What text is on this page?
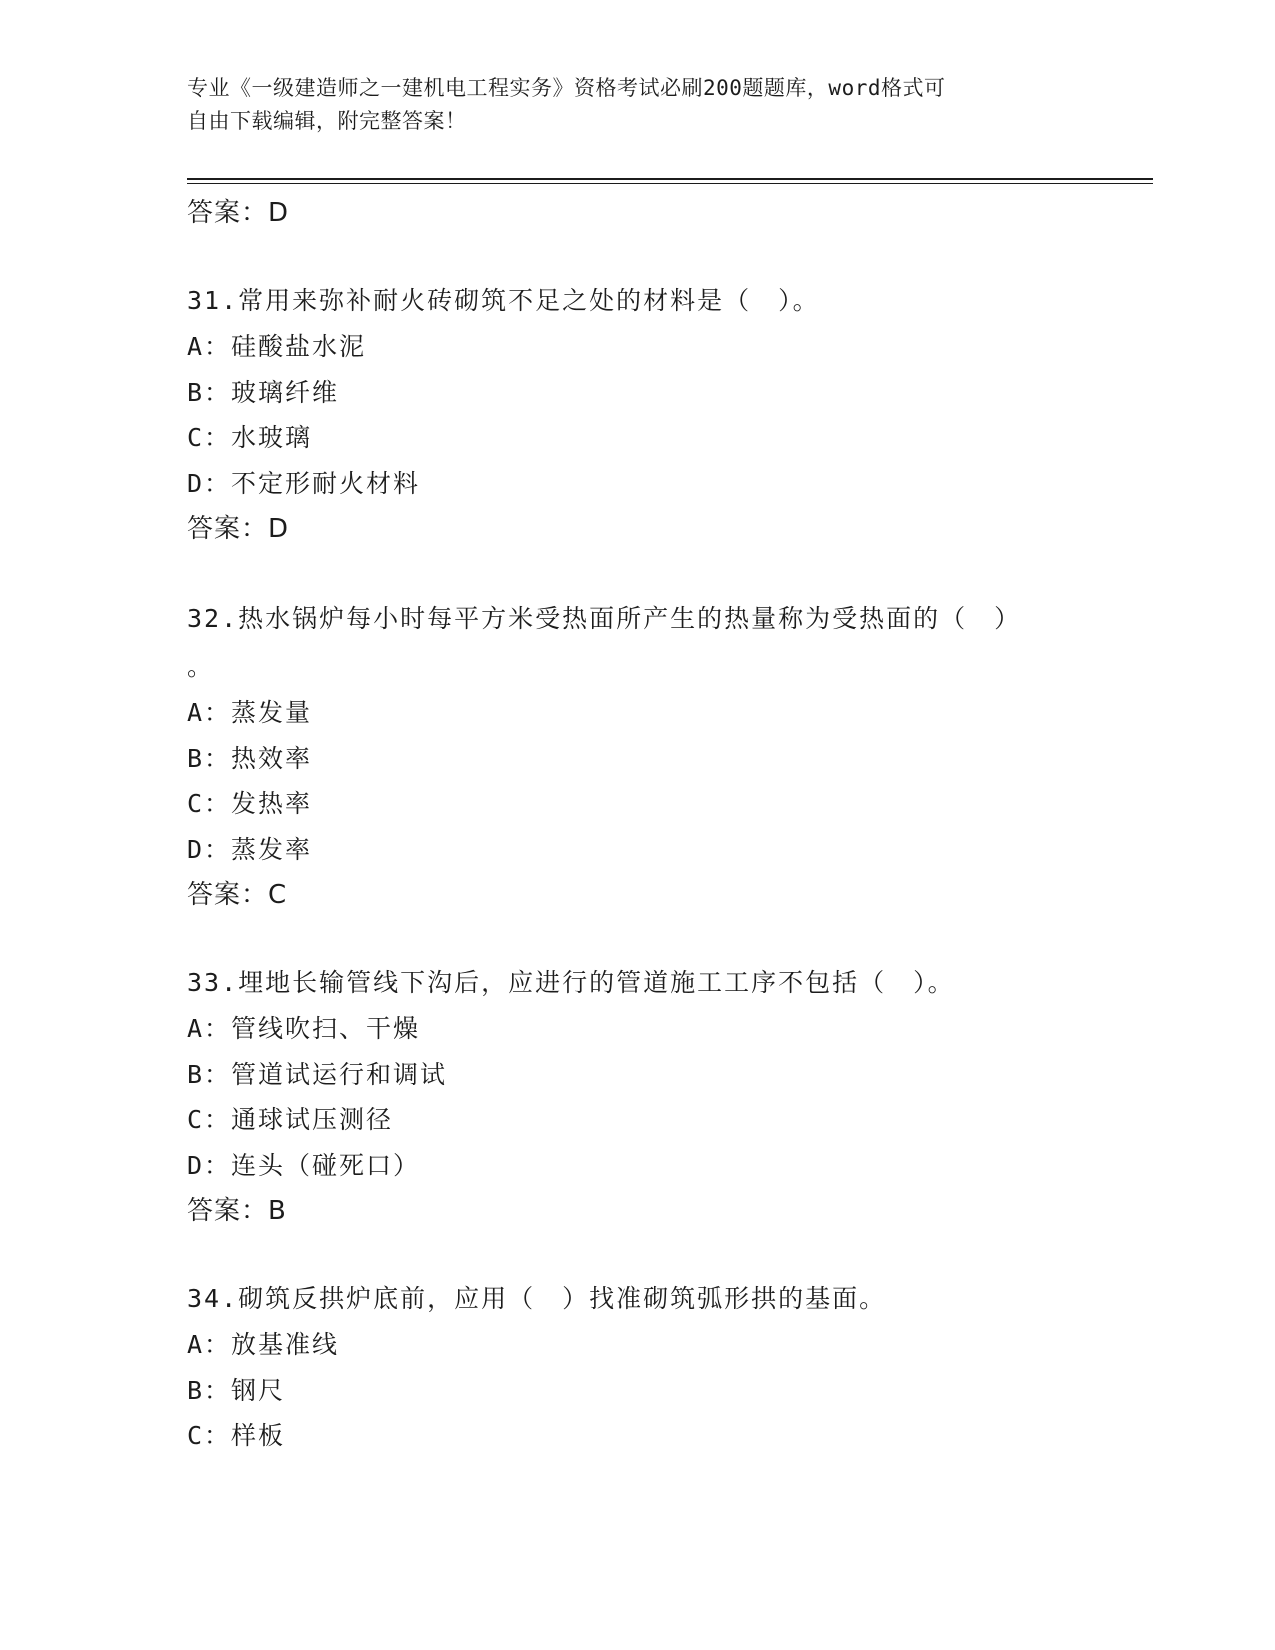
专业《一级建造师之一建机电工程实务》资格考试必刷200题题库，word格式可
自由下载编辑，附完整答案！
答案：D
31.常用来弥补耐火砖砌筑不足之处的材料是（　）。
A：硅酸盐水泥
B：玻璃纤维
C：水玻璃
D：不定形耐火材料
答案：D
32.热水锅炉每小时每平方米受热面所产生的热量称为受热面的（　）
。
A：蒸发量
B：热效率
C：发热率
D：蒸发率
答案：C
33.埋地长输管线下沟后，应进行的管道施工工序不包括（　）。
A：管线吹扫、干燥
B：管道试运行和调试
C：通球试压测径
D：连头（碰死口）
答案：B
34.砌筑反拱炉底前，应用（　）找准砌筑弧形拱的基面。
A：放基准线
B：钢尺
C：样板
